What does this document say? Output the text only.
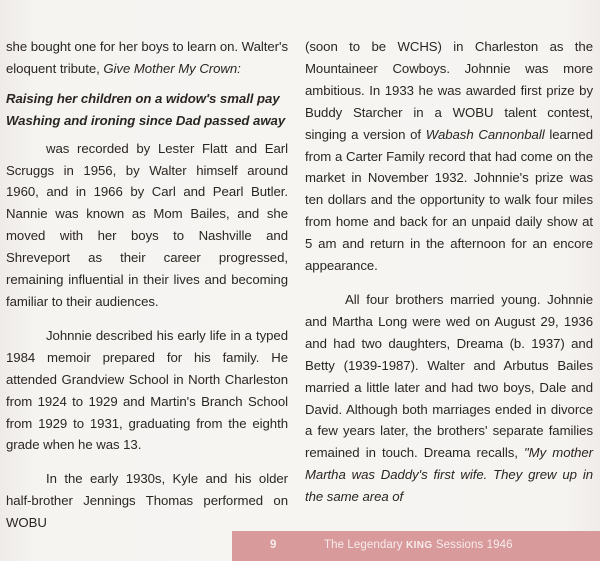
she bought one for her boys to learn on. Walter's eloquent tribute, Give Mother My Crown:

Raising her children on a widow's small pay
Washing and ironing since Dad passed away

was recorded by Lester Flatt and Earl Scruggs in 1956, by Walter himself around 1960, and in 1966 by Carl and Pearl Butler. Nannie was known as Mom Bailes, and she moved with her boys to Nashville and Shreveport as their career progressed, remaining influential in their lives and becoming familiar to their audiences.

Johnnie described his early life in a typed 1984 memoir prepared for his family. He attended Grandview School in North Charleston from 1924 to 1929 and Martin's Branch School from 1929 to 1931, graduating from the eighth grade when he was 13.

In the early 1930s, Kyle and his older half-brother Jennings Thomas performed on WOBU

(soon to be WCHS) in Charleston as the Mountaineer Cowboys. Johnnie was more ambitious. In 1933 he was awarded first prize by Buddy Starcher in a WOBU talent contest, singing a version of Wabash Cannonball learned from a Carter Family record that had come on the market in November 1932. Johnnie's prize was ten dollars and the opportunity to walk four miles from home and back for an unpaid daily show at 5 am and return in the afternoon for an encore appearance.

All four brothers married young. Johnnie and Martha Long were wed on August 29, 1936 and had two daughters, Dreama (b. 1937) and Betty (1939-1987). Walter and Arbutus Bailes married a little later and had two boys, Dale and David. Although both marriages ended in divorce a few years later, the brothers' separate families remained in touch. Dreama recalls, "My mother Martha was Daddy's first wife. They grew up in the same area of

9	The Legendary KING Sessions 1946
